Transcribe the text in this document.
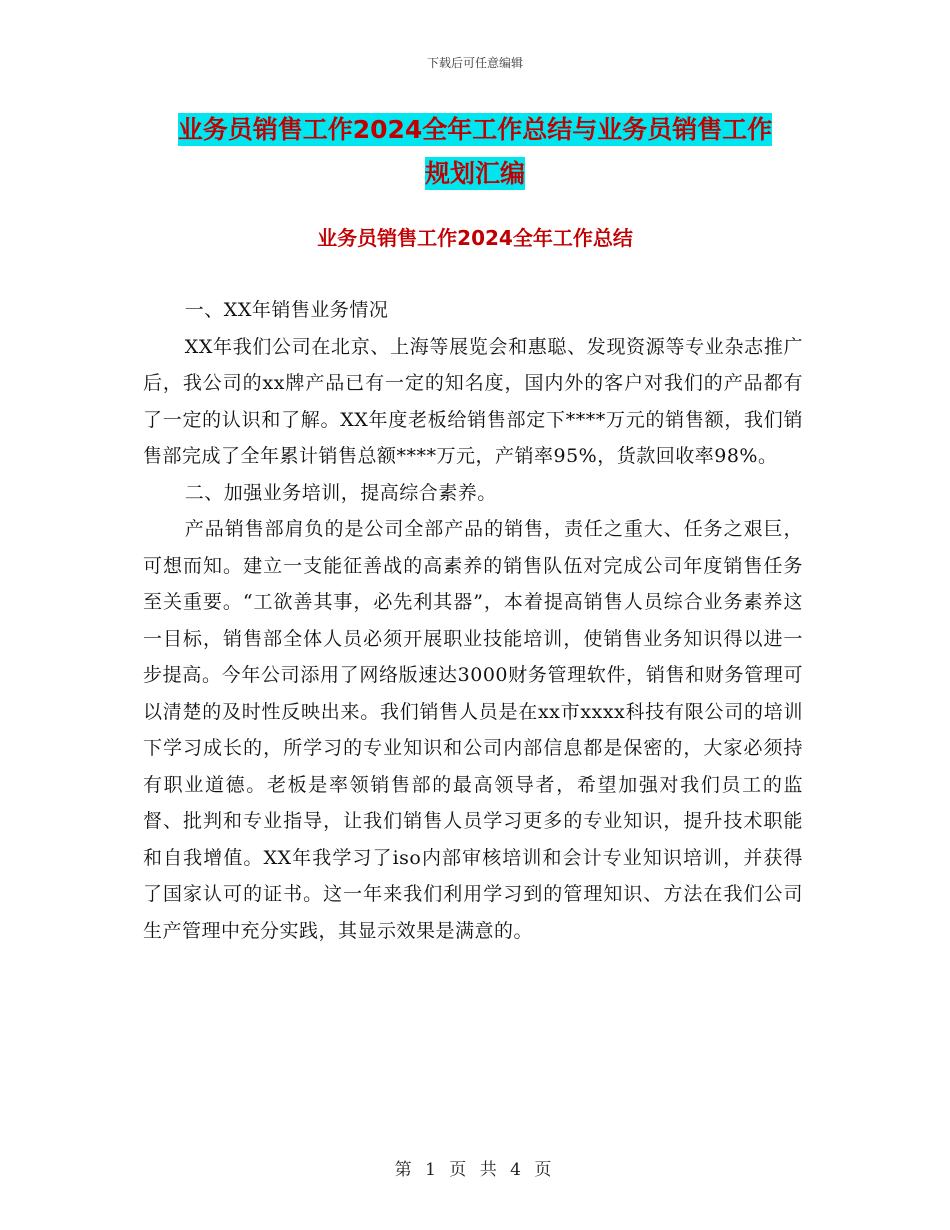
下载后可任意编辑
业务员销售工作2024全年工作总结与业务员销售工作
规划汇编
业务员销售工作2024全年工作总结

一、XX年销售业务情况

XX年我们公司在北京、上海等展览会和惠聪、发现资源等专业杂志推广后，我公司的xx牌产品已有一定的知名度，国内外的客户对我们的产品都有了一定的认识和了解。XX年度老板给销售部定下****万元的销售额，我们销售部完成了全年累计销售总额****万元，产销率95%，货款回收率98%。

二、加强业务培训，提高综合素养。

产品销售部肩负的是公司全部产品的销售，责任之重大、任务之艰巨，可想而知。建立一支能征善战的高素养的销售队伍对完成公司年度销售任务至关重要。“工欲善其事，必先利其器”，本着提高销售人员综合业务素养这一目标，销售部全体人员必须开展职业技能培训，使销售业务知识得以进一步提高。今年公司添用了网络版速达3000财务管理软件，销售和财务管理可以清楚的及时性反映出来。我们销售人员是在xx市xxxx科技有限公司的培训下学习成长的，所学习的专业知识和公司内部信息都是保密的，大家必须持有职业道德。老板是率领销售部的最高领导者，希望加强对我们员工的监督、批判和专业指导，让我们销售人员学习更多的专业知识，提升技术职能和自我增值。XX年我学习了iso内部审核培训和会计专业知识培训，并获得了国家认可的证书。这一年来我们利用学习到的管理知识、方法在我们公司生产管理中充分实践，其显示效果是满意的。

第 1 页 共 4 页
